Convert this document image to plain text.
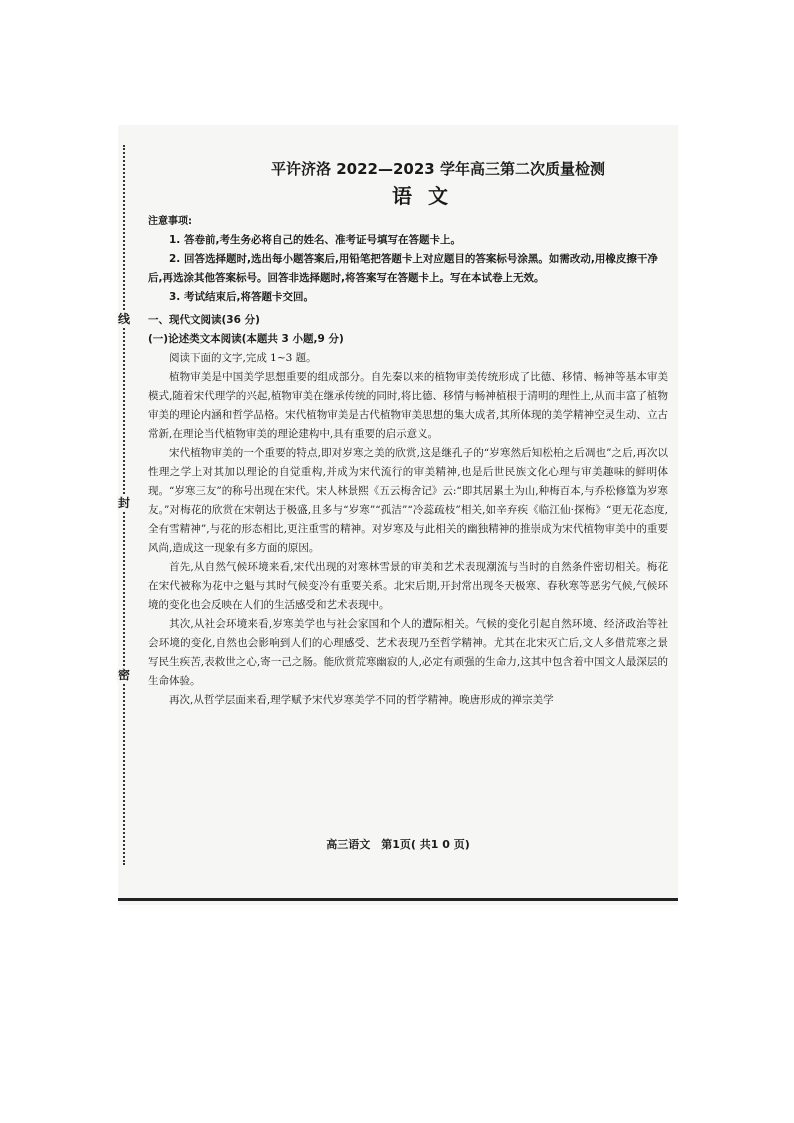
线
封
密
平许济洛 2022—2023 学年高三第二次质量检测
语文
注意事项:

1. 答卷前,考生务必将自己的姓名、准考证号填写在答题卡上。

2. 回答选择题时,选出每小题答案后,用铅笔把答题卡上对应题目的答案标号涂黑。如需改动,用橡皮擦干净后,再选涂其他答案标号。回答非选择题时,将答案写在答题卡上。写在本试卷上无效。

3. 考试结束后,将答题卡交回。

一、现代文阅读(36 分)
(一)论述类文本阅读(本题共 3 小题,9 分)

阅读下面的文字,完成 1~3 题。

植物审美是中国美学思想重要的组成部分。自先秦以来的植物审美传统形成了比德、移情、畅神等基本审美模式,随着宋代理学的兴起,植物审美在继承传统的同时,将比德、移情与畅神植根于清明的理性上,从而丰富了植物审美的理论内涵和哲学品格。宋代植物审美是古代植物审美思想的集大成者,其所体现的美学精神空灵生动、立古常新,在理论当代植物审美的理论建构中,具有重要的启示意义。

宋代植物审美的一个重要的特点,即对岁寒之美的欣赏,这是继孔子的“岁寒然后知松柏之后凋也”之后,再次以性理之学上对其加以理论的自觉重构,并成为宋代流行的审美精神,也是后世民族文化心理与审美趣味的鲜明体现。“岁寒三友”的称号出现在宋代。宋人林景熙《五云梅舍记》云:“即其居累土为山,种梅百本,与乔松修篁为岁寒友。”对梅花的欣赏在宋朝达于极盛,且多与“岁寒”“孤洁”“冷蕊疏枝”相关,如辛弃疾《临江仙·探梅》“更无花态度,全有雪精神”,与花的形态相比,更注重雪的精神。对岁寒及与此相关的幽独精神的推崇成为宋代植物审美中的重要风尚,造成这一现象有多方面的原因。

首先,从自然气候环境来看,宋代出现的对寒林雪景的审美和艺术表现潮流与当时的自然条件密切相关。梅花在宋代被称为花中之魁与其时气候变冷有重要关系。北宋后期,开封常出现冬天极寒、春秋寒等恶劣气候,气候环境的变化也会反映在人们的生活感受和艺术表现中。

其次,从社会环境来看,岁寒美学也与社会家国和个人的遭际相关。气候的变化引起自然环境、经济政治等社会环境的变化,自然也会影响到人们的心理感受、艺术表现乃至哲学精神。尤其在北宋灭亡后,文人多借荒寒之景写民生疾苦,表救世之心,寄一己之肠。能欣赏荒寒幽寂的人,必定有顽强的生命力,这其中包含着中国文人最深层的生命体验。

再次,从哲学层面来看,理学赋予宋代岁寒美学不同的哲学精神。晚唐形成的禅宗美学

高三语文　第1页( 共1 0 页)
